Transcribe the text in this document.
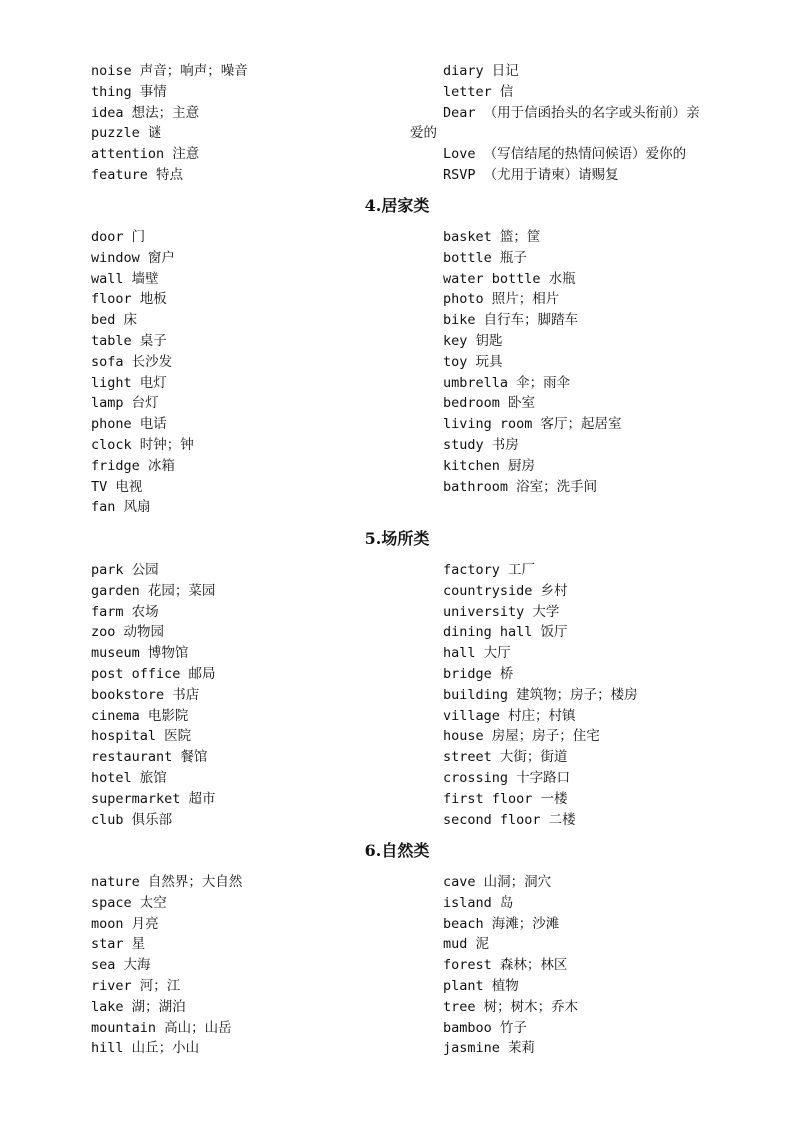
noise 声音；响声；噪音
thing 事情
idea 想法；主意
puzzle 谜
attention 注意
feature 特点
diary 日记
letter 信
Dear （用于信函抬头的名字或头衔前）亲
爱的
Love （写信结尾的热情问候语）爱你的
RSVP （尤用于请柬）请赐复
4.居家类
door 门
window 窗户
wall 墙壁
floor 地板
bed 床
table 桌子
sofa 长沙发
light 电灯
lamp 台灯
phone 电话
clock 时钟；钟
fridge 冰箱
TV 电视
fan 风扇
basket 篮；筐
bottle 瓶子
water bottle 水瓶
photo 照片；相片
bike 自行车；脚踏车
key 钥匙
toy 玩具
umbrella 伞；雨伞
bedroom 卧室
living room 客厅；起居室
study 书房
kitchen 厨房
bathroom 浴室；洗手间
5.场所类
park 公园
garden 花园；菜园
farm 农场
zoo 动物园
museum 博物馆
post office 邮局
bookstore 书店
cinema 电影院
hospital 医院
restaurant 餐馆
hotel 旅馆
supermarket 超市
club 俱乐部
factory 工厂
countryside 乡村
university 大学
dining hall 饭厅
hall 大厅
bridge 桥
building 建筑物；房子；楼房
village 村庄；村镇
house 房屋；房子；住宅
street 大街；街道
crossing 十字路口
first floor 一楼
second floor 二楼
6.自然类
nature 自然界；大自然
space 太空
moon 月亮
star 星
sea 大海
river 河；江
lake 湖；湖泊
mountain 高山；山岳
hill 山丘；小山
cave 山洞；洞穴
island 岛
beach 海滩；沙滩
mud 泥
forest 森林；林区
plant 植物
tree 树；树木；乔木
bamboo 竹子
jasmine 茉莉
